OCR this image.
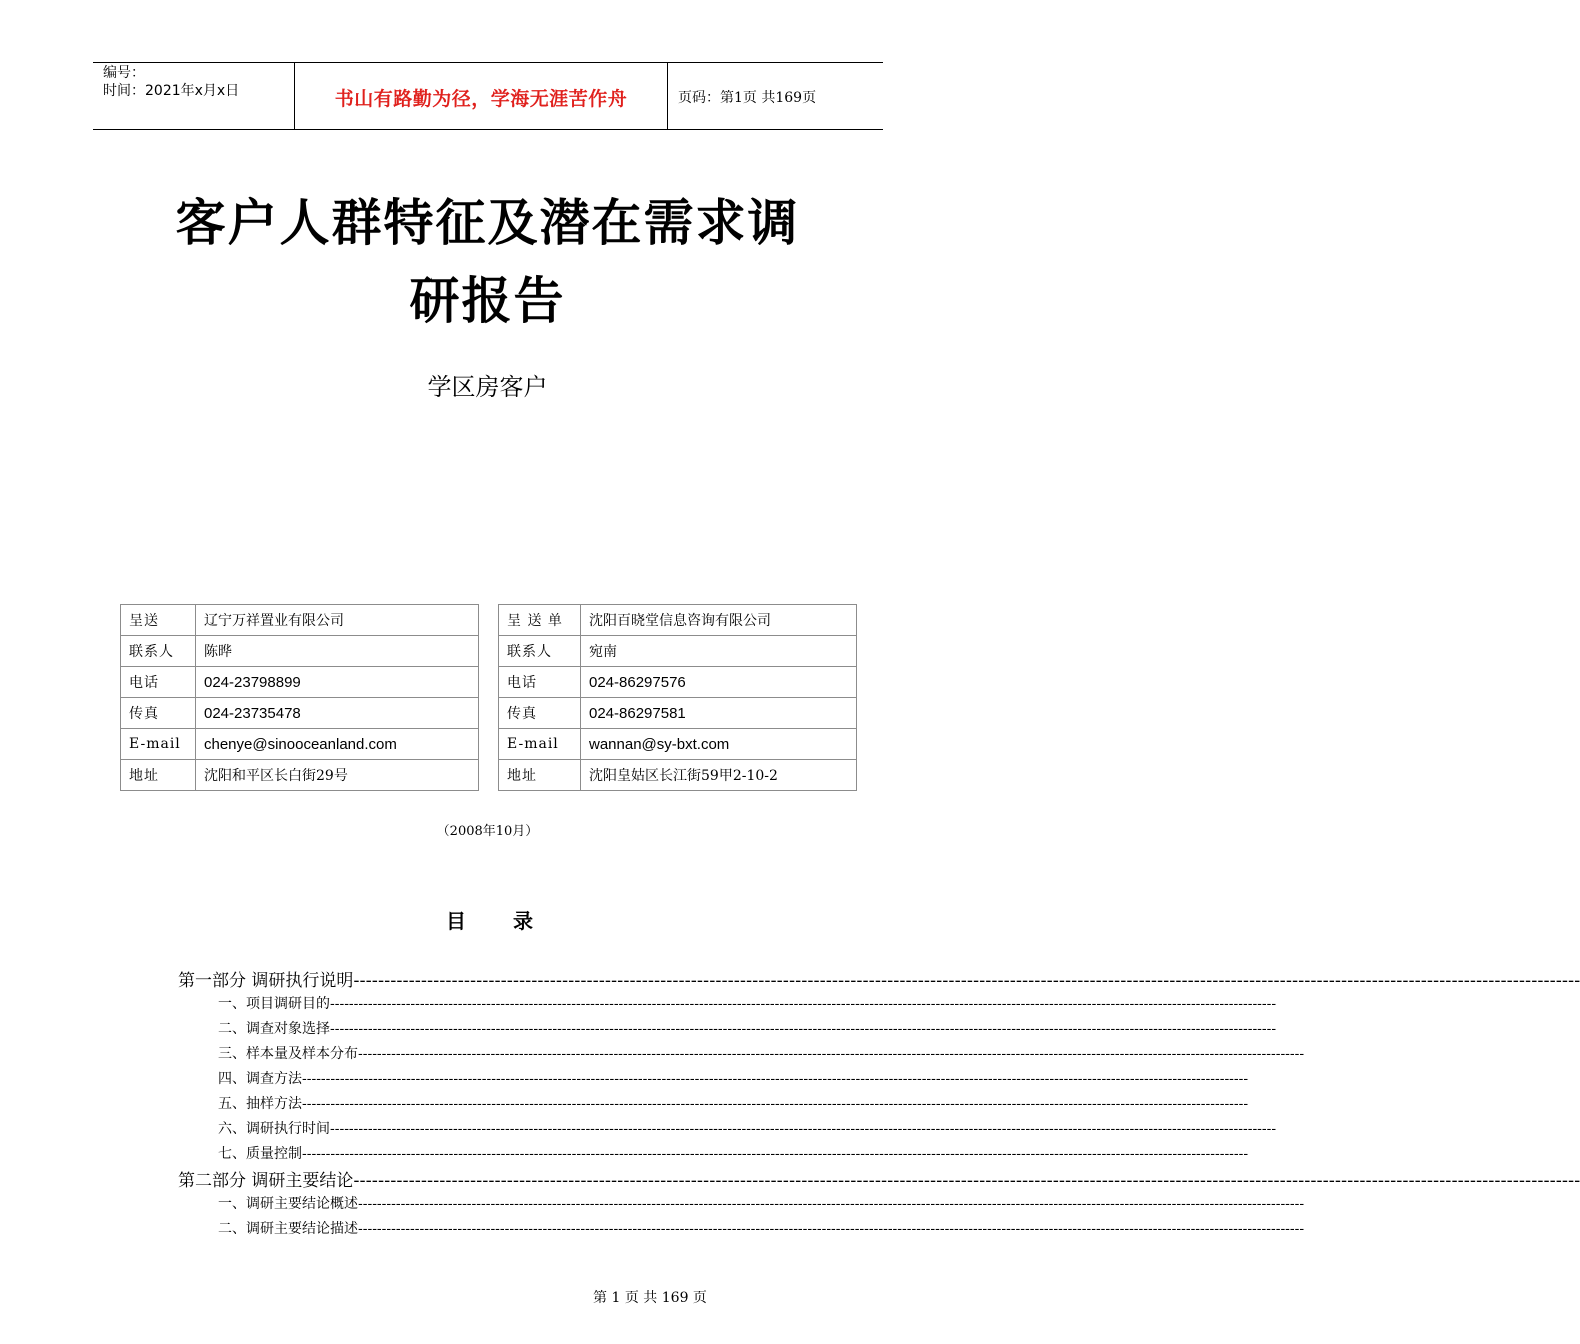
编号：
时间：2021年x月x日	书山有路勤为径，学海无涯苦作舟	页码：第1页 共169页
客户人群特征及潜在需求调
研报告
学区房客户
呈送	辽宁万祥置业有限公司
联系人	陈晔
电话	024-23798899
传真	024-23735478
E-mail	chenye@sinooceanland.com
地址	沈阳和平区长白街29号
呈 送 单	沈阳百晓堂信息咨询有限公司
联系人	宛南
电话	024-86297576
传真	024-86297581
E-mail	wannan@sy-bxt.com
地址	沈阳皇姑区长江街59甲2-10-2
（2008年10月）
目 录
第一部分 调研执行说明--------------------------------------------------------------------------------------------------------------------------------------------------------------------------------------------------------
一、项目调研目的--------------------------------------------------------------------------------------------------------------------------------------------------------------------------------------------------------
二、调查对象选择--------------------------------------------------------------------------------------------------------------------------------------------------------------------------------------------------------
三、样本量及样本分布--------------------------------------------------------------------------------------------------------------------------------------------------------------------------------------------------------
四、调查方法--------------------------------------------------------------------------------------------------------------------------------------------------------------------------------------------------------
五、抽样方法--------------------------------------------------------------------------------------------------------------------------------------------------------------------------------------------------------
六、调研执行时间--------------------------------------------------------------------------------------------------------------------------------------------------------------------------------------------------------
七、质量控制--------------------------------------------------------------------------------------------------------------------------------------------------------------------------------------------------------
第二部分 调研主要结论--------------------------------------------------------------------------------------------------------------------------------------------------------------------------------------------------------
一、调研主要结论概述--------------------------------------------------------------------------------------------------------------------------------------------------------------------------------------------------------
二、调研主要结论描述--------------------------------------------------------------------------------------------------------------------------------------------------------------------------------------------------------
第 1 页 共 169 页
